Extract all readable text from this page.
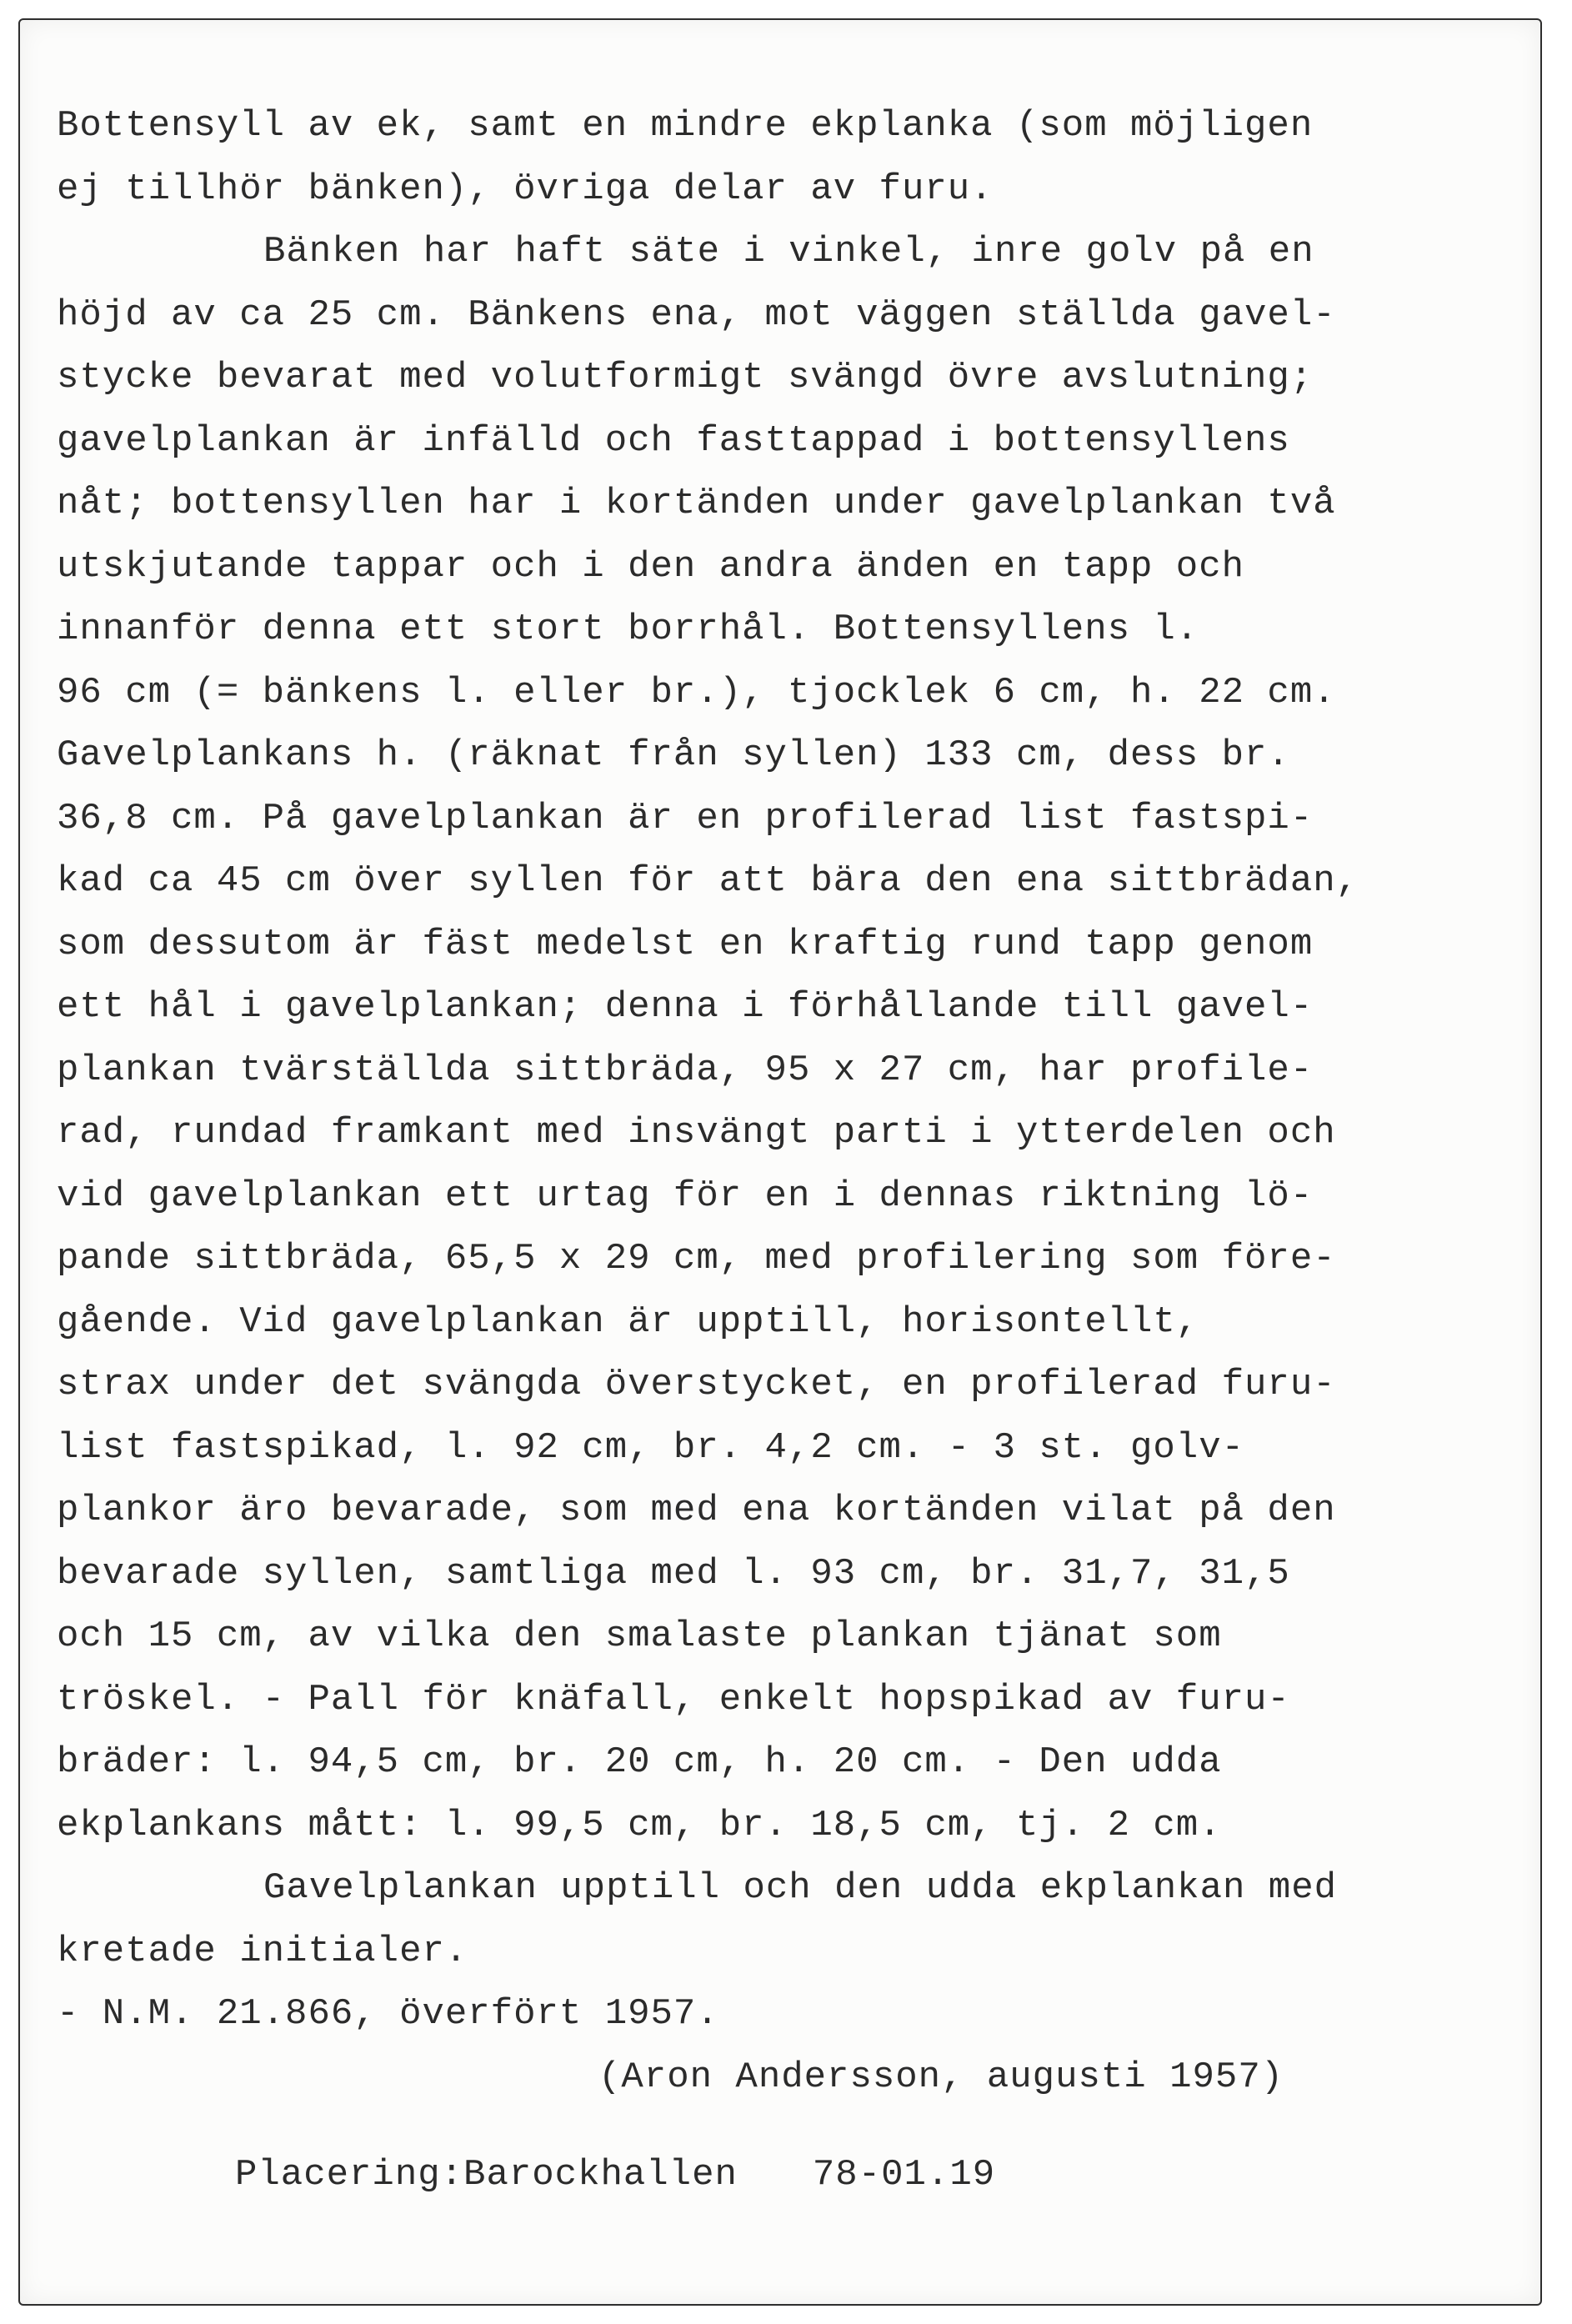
Bottensyll av ek, samt en mindre ekplanka (som möjligen
ej tillhör bänken), övriga delar av furu.
Bänken har haft säte i vinkel, inre golv på en
höjd av ca 25 cm. Bänkens ena, mot väggen ställda gavel-
stycke bevarat med volutformigt svängd övre avslutning;
gavelplankan är infälld och fasttappad i bottensyllens
nåt; bottensyllen har i kortänden under gavelplankan två
utskjutande tappar och i den andra änden en tapp och
innanför denna ett stort borrhål. Bottensyllens l.
96 cm (= bänkens l. eller br.), tjocklek 6 cm, h. 22 cm.
Gavelplankans h. (räknat från syllen) 133 cm, dess br.
36,8 cm. På gavelplankan är en profilerad list fastspi-
kad ca 45 cm över syllen för att bära den ena sittbrädan,
som dessutom är fäst medelst en kraftig rund tapp genom
ett hål i gavelplankan; denna i förhållande till gavel-
plankan tvärställda sittbräda, 95 x 27 cm, har profile-
rad, rundad framkant med insvängt parti i ytterdelen och
vid gavelplankan ett urtag för en i dennas riktning lö-
pande sittbräda, 65,5 x 29 cm, med profilering som före-
gående. Vid gavelplankan är upptill, horisontellt,
strax under det svängda överstycket, en profilerad furu-
list fastspikad, l. 92 cm, br. 4,2 cm. - 3 st. golv-
plankor äro bevarade, som med ena kortänden vilat på den
bevarade syllen, samtliga med l. 93 cm, br. 31,7, 31,5
och 15 cm, av vilka den smalaste plankan tjänat som
tröskel. - Pall för knäfall, enkelt hopspikad av furu-
bräder: l. 94,5 cm, br. 20 cm, h. 20 cm. - Den udda
ekplankans mått: l. 99,5 cm, br. 18,5 cm, tj. 2 cm.
Gavelplankan upptill och den udda ekplankan med
kretade initialer.
- N.M. 21.866, överfört 1957.
(Aron Andersson, augusti 1957)
Placering:Barockhallen 78-01.19
